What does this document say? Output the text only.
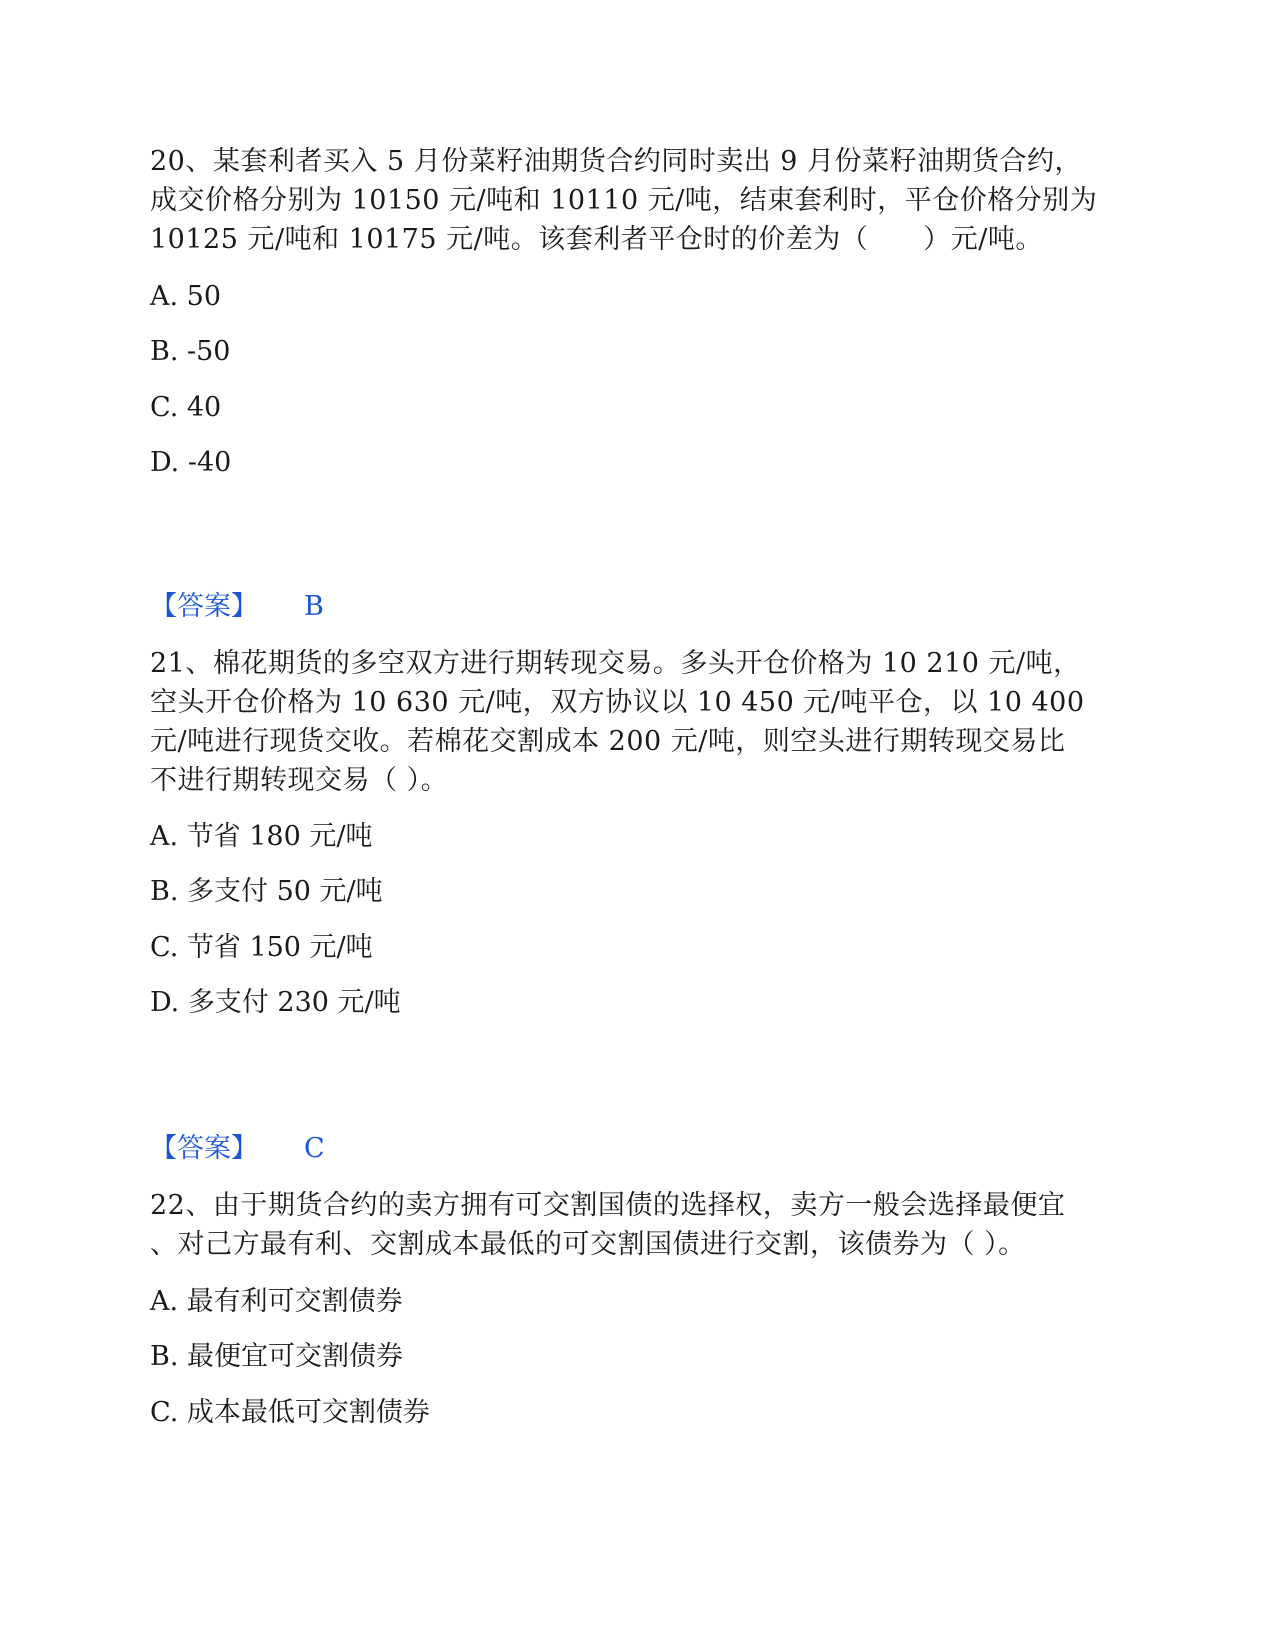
20、某套利者买入 5 月份菜籽油期货合约同时卖出 9 月份菜籽油期货合约，
成交价格分别为 10150 元/吨和 10110 元/吨，结束套利时，平仓价格分别为
10125 元/吨和 10175 元/吨。该套利者平仓时的价差为（　　）元/吨。
A. 50
B. -50
C. 40
D. -40
【答案】 B
21、棉花期货的多空双方进行期转现交易。多头开仓价格为 10 210 元/吨，
空头开仓价格为 10 630 元/吨，双方协议以 10 450 元/吨平仓，以 10 400
元/吨进行现货交收。若棉花交割成本 200 元/吨，则空头进行期转现交易比
不进行期转现交易（ ）。
A. 节省 180 元/吨
B. 多支付 50 元/吨
C. 节省 150 元/吨
D. 多支付 230 元/吨
【答案】 C
22、由于期货合约的卖方拥有可交割国债的选择权，卖方一般会选择最便宜
、对己方最有利、交割成本最低的可交割国债进行交割，该债券为（ ）。
A. 最有利可交割债券
B. 最便宜可交割债券
C. 成本最低可交割债券
